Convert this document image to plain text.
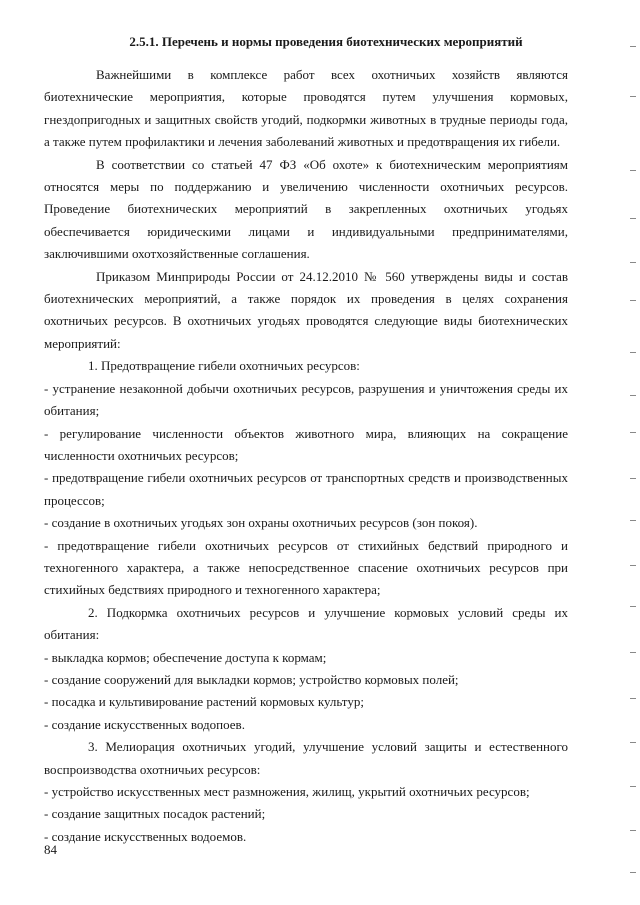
2.5.1. Перечень и нормы проведения биотехнических мероприятий

Важнейшими в комплексе работ всех охотничьих хозяйств являются биотехнические мероприятия, которые проводятся путем улучшения кормовых, гнездопригодных и защитных свойств угодий, подкормки животных в трудные периоды года, а также путем профилактики и лечения заболеваний животных и предотвращения их гибели.

В соответствии со статьей 47 ФЗ «Об охоте» к биотехническим мероприятиям относятся меры по поддержанию и увеличению численности охотничьих ресурсов. Проведение биотехнических мероприятий в закрепленных охотничьих угодьях обеспечивается юридическими лицами и индивидуальными предпринимателями, заключившими охотхозяйственные соглашения.

Приказом Минприроды России от 24.12.2010 № 560 утверждены виды и состав биотехнических мероприятий, а также порядок их проведения в целях сохранения охотничьих ресурсов. В охотничьих угодьях проводятся следующие виды биотехнических мероприятий:

1. Предотвращение гибели охотничьих ресурсов:

- устранение незаконной добычи охотничьих ресурсов, разрушения и уничтожения среды их обитания;

- регулирование численности объектов животного мира, влияющих на сокращение численности охотничьих ресурсов;

- предотвращение гибели охотничьих ресурсов от транспортных средств и производственных процессов;

- создание в охотничьих угодьях зон охраны охотничьих ресурсов (зон покоя).

- предотвращение гибели охотничьих ресурсов от стихийных бедствий природного и техногенного характера, а также непосредственное спасение охотничьих ресурсов при стихийных бедствиях природного и техногенного характера;

2. Подкормка охотничьих ресурсов и улучшение кормовых условий среды их обитания:

- выкладка кормов; обеспечение доступа к кормам;

- создание сооружений для выкладки кормов; устройство кормовых полей;

- посадка и культивирование растений кормовых культур;

- создание искусственных водопоев.

3. Мелиорация охотничьих угодий, улучшение условий защиты и естественного воспроизводства охотничьих ресурсов:

- устройство искусственных мест размножения, жилищ, укрытий охотничьих ресурсов;

- создание защитных посадок растений;

- создание искусственных водоемов.

84
